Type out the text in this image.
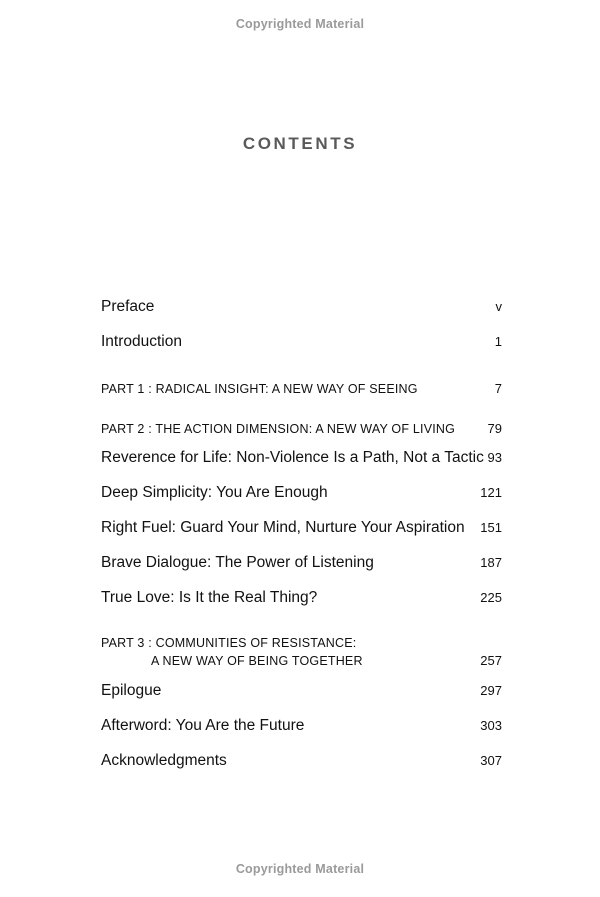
Copyrighted Material
CONTENTS
Preface	v
Introduction	1
PART 1 : RADICAL INSIGHT: A NEW WAY OF SEEING	7
PART 2 : THE ACTION DIMENSION: A NEW WAY OF LIVING 79
Reverence for Life: Non-Violence Is a Path, Not a Tactic 93
Deep Simplicity: You Are Enough	121
Right Fuel: Guard Your Mind, Nurture Your Aspiration 151
Brave Dialogue: The Power of Listening	187
True Love: Is It the Real Thing?	225
PART 3 : COMMUNITIES OF RESISTANCE:
A NEW WAY OF BEING TOGETHER	257
Epilogue	297
Afterword: You Are the Future	303
Acknowledgments	307
Copyrighted Material
